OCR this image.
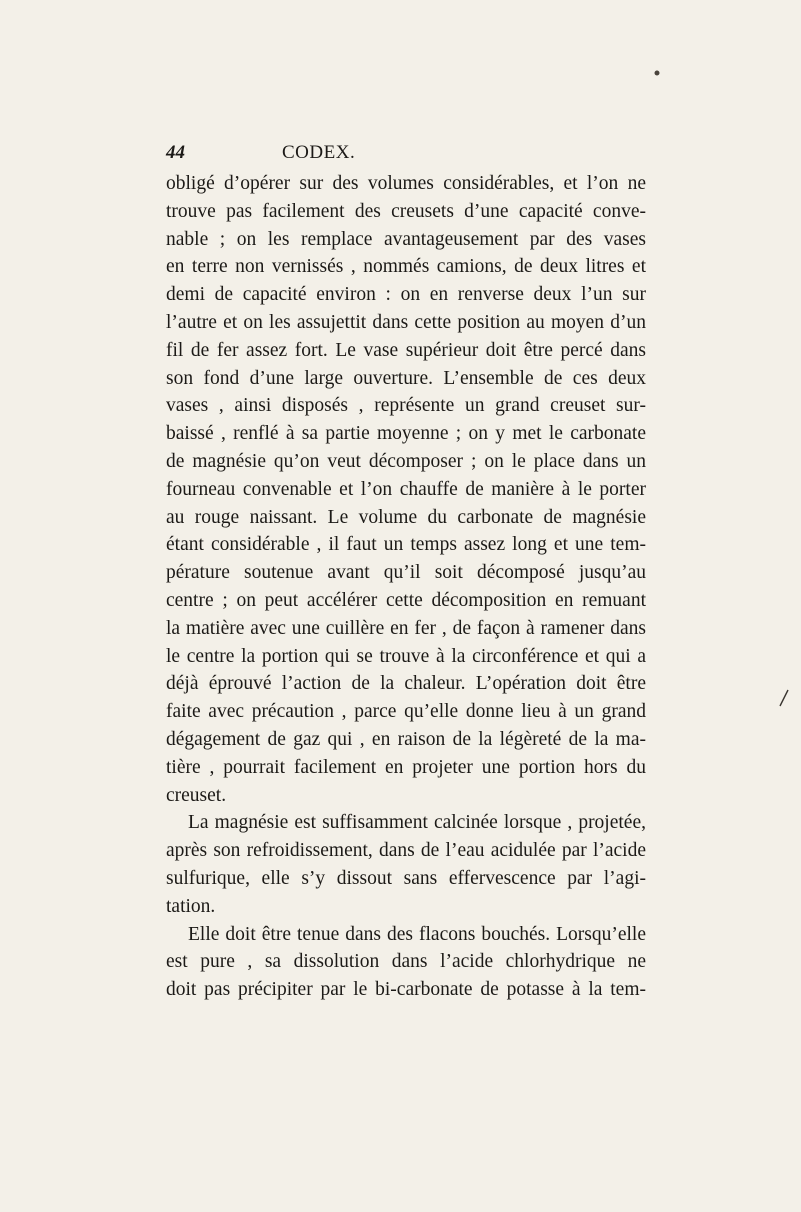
44	CODEX.
obligé d’opérer sur des volumes considérables, et l’on ne
trouve pas facilement des creusets d’une capacité conve-
nable ; on les remplace avantageusement par des vases
en terre non vernissés , nommés camions, de deux litres et
demi de capacité environ : on en renverse deux l’un sur
l’autre et on les assujettit dans cette position au moyen d’un
fil de fer assez fort. Le vase supérieur doit être percé dans
son fond d’une large ouverture. L’ensemble de ces deux
vases , ainsi disposés , représente un grand creuset sur-
baissé , renflé à sa partie moyenne ; on y met le carbonate
de magnésie qu’on veut décomposer ; on le place dans un
fourneau convenable et l’on chauffe de manière à le porter
au rouge naissant. Le volume du carbonate de magnésie
étant considérable , il faut un temps assez long et une tem-
pérature soutenue avant qu’il soit décomposé jusqu’au
centre ; on peut accélérer cette décomposition en remuant
la matière avec une cuillère en fer , de façon à ramener dans
le centre la portion qui se trouve à la circonférence et qui a
déjà éprouvé l’action de la chaleur. L’opération doit être
faite avec précaution , parce qu’elle donne lieu à un grand
dégagement de gaz qui , en raison de la légèreté de la ma-
tière , pourrait facilement en projeter une portion hors du
creuset.
La magnésie est suffisamment calcinée lorsque , projetée,
après son refroidissement, dans de l’eau acidulée par l’acide
sulfurique, elle s’y dissout sans effervescence par l’agi-
tation.
Elle doit être tenue dans des flacons bouchés. Lorsqu’elle
est pure , sa dissolution dans l’acide chlorhydrique ne
doit pas précipiter par le bi-carbonate de potasse à la tem-
